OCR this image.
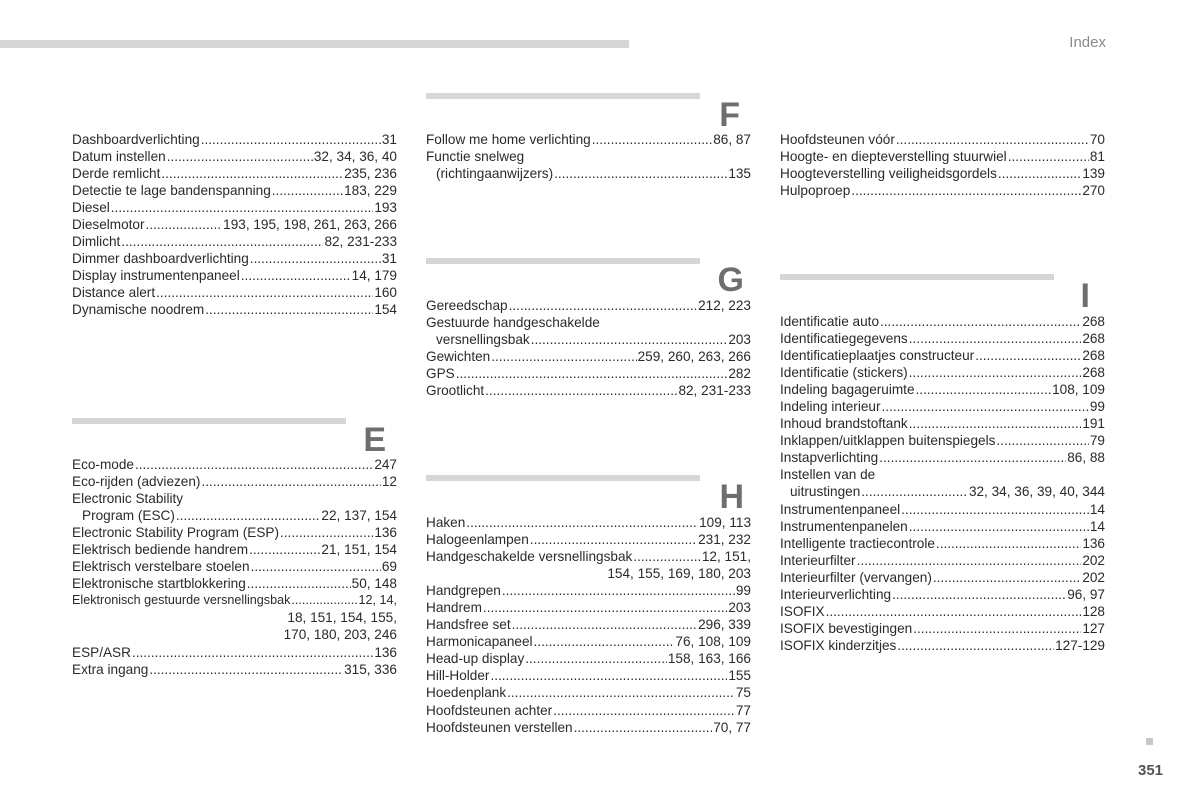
Index
Dashboardverlichting .....	31
Datum instellen .....	32, 34, 36, 40
Derde remlicht .....	235, 236
Detectie te lage bandenspanning .....	183, 229
Diesel .....	193
Dieselmotor .....	193, 195, 198, 261, 263, 266
Dimlicht .....	82, 231-233
Dimmer dashboardverlichting .....	31
Display instrumentenpaneel .....	14, 179
Distance alert .....	160
Dynamische noodrem .....	154
E
Eco-mode .....	247
Eco-rijden (adviezen) .....	12
Electronic Stability
Program (ESC) .....	22, 137, 154
Electronic Stability Program (ESP) .....	136
Elektrisch bediende handrem .....	21, 151, 154
Elektrisch verstelbare stoelen .....	69
Elektronische startblokkering .....	50, 148
Elektronisch gestuurde versnellingsbak .....	12, 14,
18, 151, 154, 155,
170, 180, 203, 246
ESP/ASR .....	136
Extra ingang .....	315, 336
F
Follow me home verlichting .....	86, 87
Functie snelweg
(richtingaanwijzers) .....	135
G
Gereedschap .....	212, 223
Gestuurde handgeschakelde
versnellingsbak .....	203
Gewichten .....	259, 260, 263, 266
GPS .....	282
Grootlicht .....	82, 231-233
H
Haken .....	109, 113
Halogeenlampen .....	231, 232
Handgeschakelde versnellingsbak .....	12, 151,
154, 155, 169, 180, 203
Handgrepen .....	99
Handrem .....	203
Handsfree set .....	296, 339
Harmonicapaneel .....	76, 108, 109
Head-up display .....	158, 163, 166
Hill-Holder .....	155
Hoedenplank .....	75
Hoofdsteunen achter .....	77
Hoofdsteunen verstellen .....	70, 77
Hoofdsteunen vóór .....	70
Hoogte- en diepteverstelling stuurwiel .....	81
Hoogteverstelling veiligheidsgordels .....	139
Hulpoproep .....	270
I
Identificatie auto .....	268
Identificatiegegevens .....	268
Identificatieplaatjes constructeur .....	268
Identificatie (stickers) .....	268
Indeling bagageruimte .....	108, 109
Indeling interieur .....	99
Inhoud brandstoftank .....	191
Inklappen/uitklappen buitenspiegels .....	79
Instapverlichting .....	86, 88
Instellen van de
uitrustingen .....	32, 34, 36, 39, 40, 344
Instrumentenpaneel .....	14
Instrumentenpanelen .....	14
Intelligente tractiecontrole .....	136
Interieurfilter .....	202
Interieurfilter (vervangen) .....	202
Interieurverlichting .....	96, 97
ISOFIX .....	128
ISOFIX bevestigingen .....	127
ISOFIX kinderzitjes .....	127-129
351
